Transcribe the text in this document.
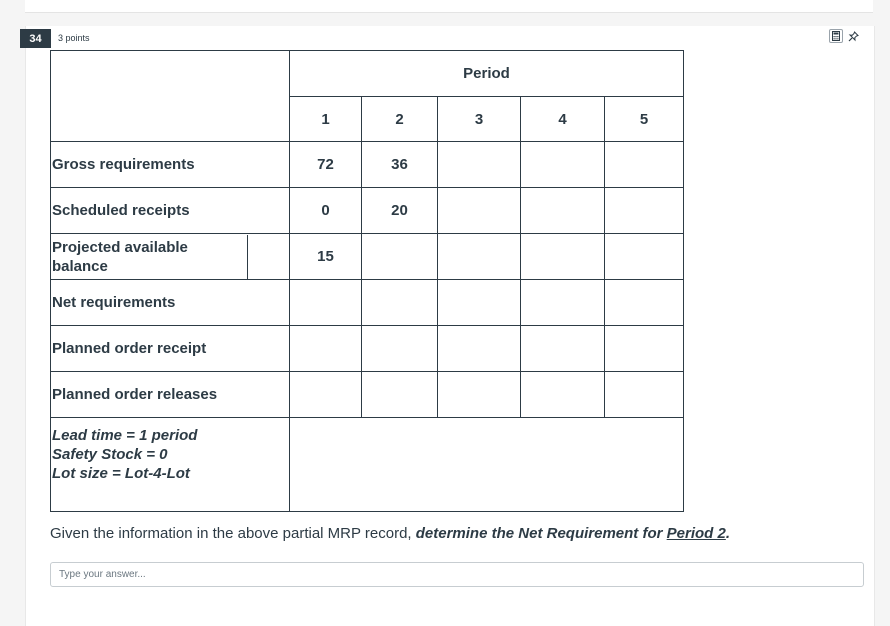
34	3 points
	Period				
	1	2	3	4	5
Gross requirements	72	36			
Scheduled receipts	0	20			

Projected available
balance	15				
Net requirements					
Planned order receipt					
Planned order releases					

Lead time = 1 period
Safety Stock = 0
Lot size = Lot-4-Lot					

Given the information in the above partial MRP record, determine the Net Requirement for Period 2.
Type your answer...
